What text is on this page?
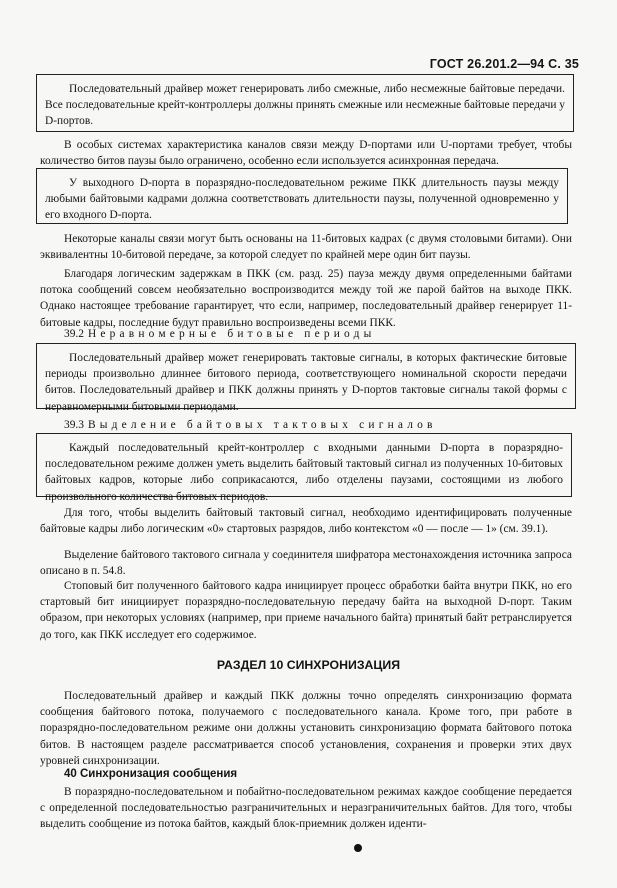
ГОСТ 26.201.2—94 С. 35

Последовательный драйвер может генерировать либо смежные, либо несмежные байтовые передачи. Все последовательные крейт-контроллеры должны принять смежные или несмежные байтовые передачи у D-портов.

В особых системах характеристика каналов связи между D-портами или U-портами требует, чтобы количество битов паузы было ограничено, особенно если используется асинхронная передача.

У выходного D-порта в поразрядно-последовательном режиме ПКК длительность паузы между любыми байтовыми кадрами должна соответствовать длительности паузы, полученной одновременно у его входного D-порта.

Некоторые каналы связи могут быть основаны на 11-битовых кадрах (с двумя столовыми битами). Они эквивалентны 10-битовой передаче, за которой следует по крайней мере один бит паузы.

Благодаря логическим задержкам в ПКК (см. разд. 25) пауза между двумя определенными байтами потока сообщений совсем необязательно воспроизводится между той же парой байтов на выходе ПКК. Однако настоящее требование гарантирует, что если, например, последовательный драйвер генерирует 11-битовые кадры, последние будут правильно воспроизведены всеми ПКК.

39.2 Неравномерные битовые периоды

Последовательный драйвер может генерировать тактовые сигналы, в которых фактические битовые периоды произвольно длиннее битового периода, соответствующего номинальной скорости передачи битов. Последовательный драйвер и ПКК должны принять у D-портов тактовые сигналы такой формы с неравномерными битовыми периодами.

39.3 Выделение байтовых тактовых сигналов

Каждый последовательный крейт-контроллер с входными данными D-порта в поразрядно-последовательном режиме должен уметь выделить байтовый тактовый сигнал из полученных 10-битовых байтовых кадров, которые либо соприкасаются, либо отделены паузами, состоящими из любого произвольного количества битовых периодов.

Для того, чтобы выделить байтовый тактовый сигнал, необходимо идентифицировать полученные байтовые кадры либо логическим «0» стартовых разрядов, либо контекстом «0 — после — 1» (см. 39.1).

Выделение байтового тактового сигнала у соединителя шифратора местонахождения источника запроса описано в п. 54.8.

Стоповый бит полученного байтового кадра инициирует процесс обработки байта внутри ПКК, но его стартовый бит инициирует поразрядно-последовательную передачу байта на выходной D-порт. Таким образом, при некоторых условиях (например, при приеме начального байта) принятый байт ретранслируется до того, как ПКК исследует его содержимое.

РАЗДЕЛ 10 СИНХРОНИЗАЦИЯ

Последовательный драйвер и каждый ПКК должны точно определять синхронизацию формата сообщения байтового потока, получаемого с последовательного канала. Кроме того, при работе в поразрядно-последовательном режиме они должны установить синхронизацию формата байтового потока битов. В настоящем разделе рассматривается способ установления, сохранения и проверки этих двух уровней синхронизации.

40 Синхронизация сообщения

В поразрядно-последовательном и побайтно-последовательном режимах каждое сообщение передается с определенной последовательностью разграничительных и неразграничительных байтов. Для того, чтобы выделить сообщение из потока байтов, каждый блок-приемник должен иденти-
